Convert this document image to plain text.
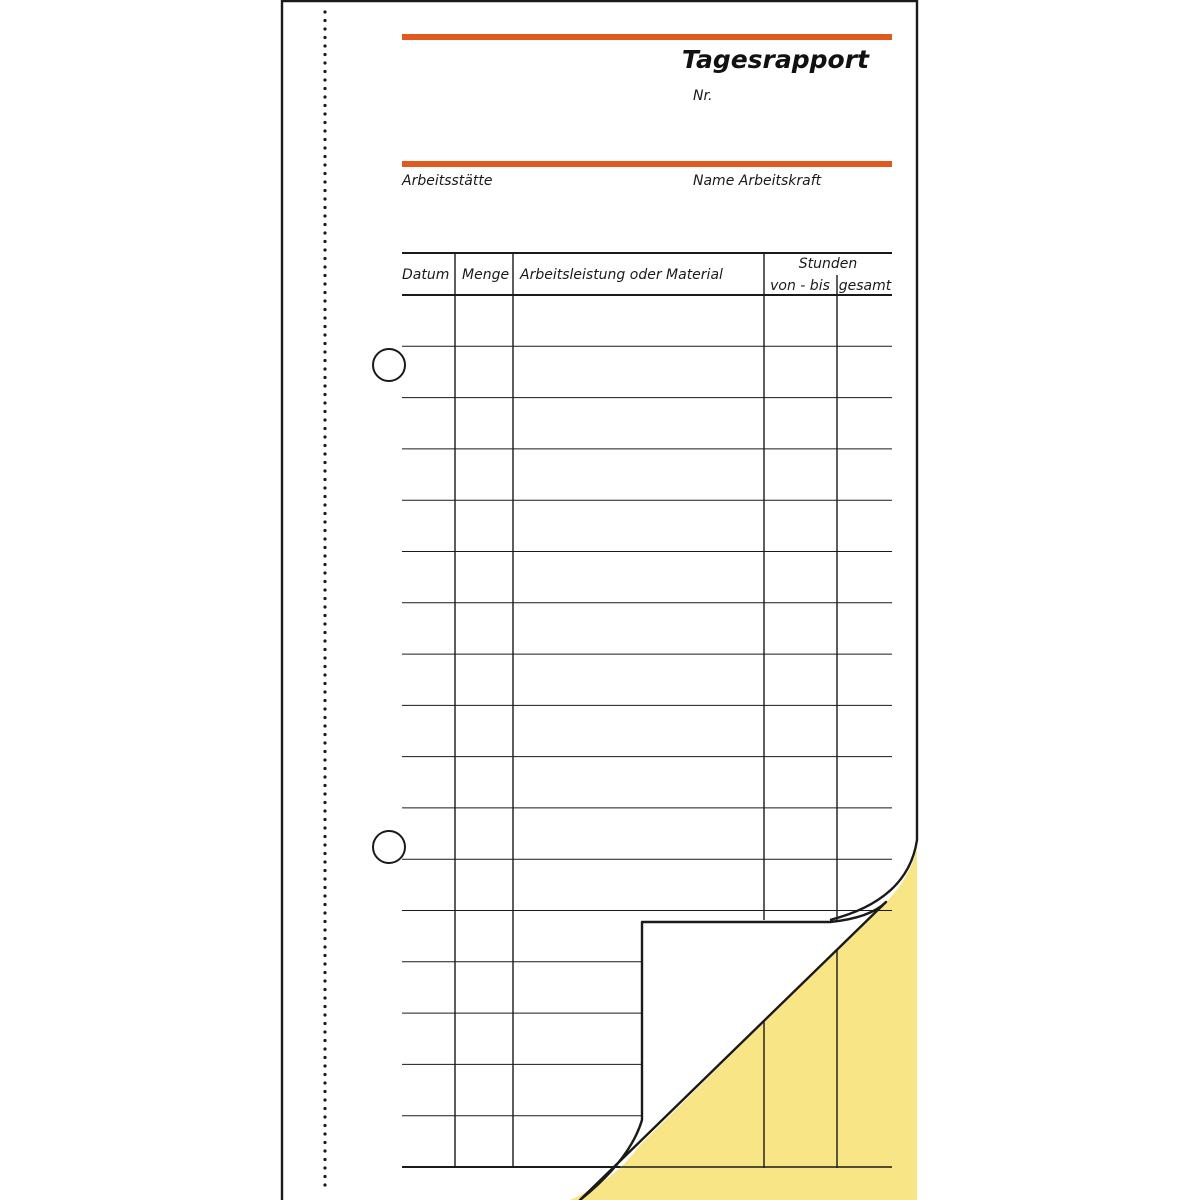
Tagesrapport
Nr.
Arbeitsstätte	Name Arbeitskraft
Datum Menge Arbeitsleistung oder Material
Stunden
von - bis gesamt
